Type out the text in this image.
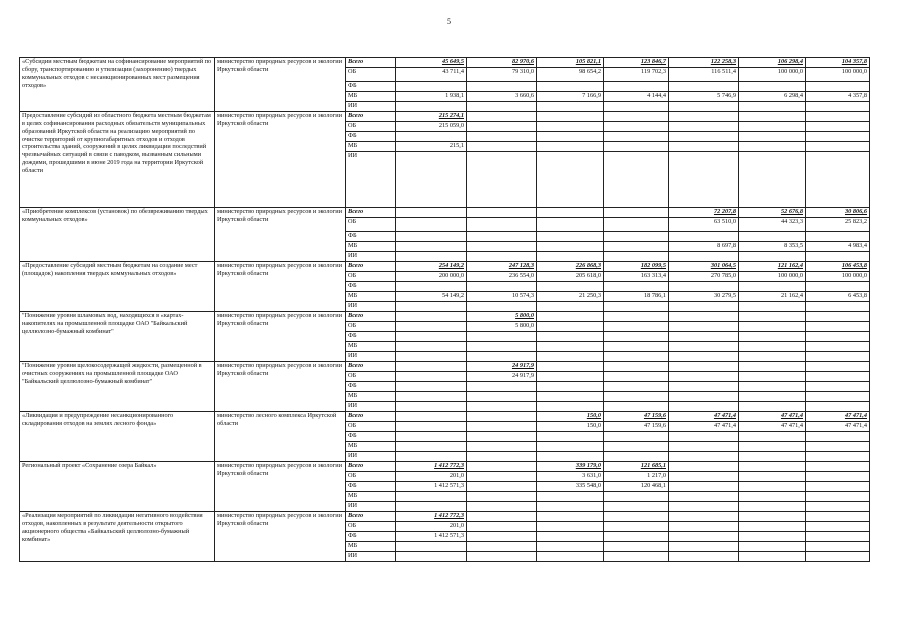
5
«Субсидии местным бюджетам на софинансирование мероприятий по сбору, транспортированию и утилизации (захоронению) твердых коммунальных отходов с несанкционированных мест размещения отходов»	министерство природных ресурсов и экологии Иркутской области	Всего	45 649,5	82 970,6	105 821,1	123 846,7	122 258,3	106 298,4	104 357,8
		ОБ	43 711,4	79 310,0	98 654,2	119 702,3	116 511,4	100 000,0	100 000,0
		ФБ							
		МБ	1 938,1	3 660,6	7 166,9	4 144,4	5 746,9	6 298,4	4 357,8
		ИИ							
Предоставление субсидий из областного бюджета местным бюджетам в целях софинансирования расходных обязательств муниципальных образований Иркутской области на реализацию мероприятий по очистке территорий от крупногабаритных отходов и отходов строительства зданий, сооружений в целях ликвидации последствий чрезвычайных ситуаций в связи с паводком, вызванным сильными дождями, прошедшими в июне 2019 года на территории Иркутской области	министерство природных ресурсов и экологии Иркутской области	Всего	215 274,1						
		ОБ	215 059,0						
		ФБ							
		МБ	215,1						
		ИИ							
«Приобретение комплексов (установок) по обезвреживанию твердых коммунальных отходов»	министерство природных ресурсов и экологии Иркутской области	Всего					72 207,8	52 676,8	30 806,6
		ОБ					63 510,0	44 323,3	25 823,2
		ФБ							
		МБ					8 697,8	8 353,5	4 983,4
		ИИ							
«Предоставление субсидий местным бюджетам на создание мест (площадок) накопления твердых коммунальных отходов»	министерство природных ресурсов и экологии Иркутской области	Всего	254 149,2	247 128,3	226 868,3	182 099,5	301 064,5	121 162,4	106 453,8
		ОБ	200 000,0	236 554,0	205 618,0	163 313,4	270 785,0	100 000,0	100 000,0
		ФБ							
		МБ	54 149,2	10 574,3	21 250,3	18 786,1	30 279,5	21 162,4	6 453,8
		ИИ							
"Понижение уровня шламовых вод, находящихся в «картах-накопителях на промышленной площадке ОАО "Байкальский целлюлозно-бумажный комбинат"	министерство природных ресурсов и экологии Иркутской области	Всего		5 800,0					
		ОБ		5 800,0					
		ФБ							
		МБ							
		ИИ							
"Понижение уровня щелокосодержащей жидкости, размещенной в очистных сооружениях на промышленной площадке ОАО "Байкальский целлюлозно-бумажный комбинат"	министерство природных ресурсов и экологии Иркутской области	Всего		24 917,9					
		ОБ		24 917,9					
		ФБ							
		МБ							
		ИИ							
«Ликвидация и предупреждение несанкционированного складирования отходов на землях лесного фонда»	министерство лесного комплекса Иркутской области	Всего			150,0	47 159,6	47 471,4	47 471,4	47 471,4
		ОБ			150,0	47 159,6	47 471,4	47 471,4	47 471,4
		ФБ							
		МБ							
		ИИ							
Региональный проект «Сохранение озера Байкал»	министерство природных ресурсов и экологии Иркутской области	Всего	1 412 772,3		339 179,0	121 685,1			
		ОБ	201,0		3 631,0	1 217,0			
		ФБ	1 412 571,3		335 548,0	120 468,1			
		МБ							
		ИИ							
«Реализация мероприятий по ликвидации негативного воздействия отходов, накопленных в результате деятельности открытого акционерного общества «Байкальский целлюлозно-бумажный комбинат»	министерство природных ресурсов и экологии Иркутской области	Всего	1 412 772,3						
		ОБ	201,0						
		ФБ	1 412 571,3						
		МБ							
		ИИ							
